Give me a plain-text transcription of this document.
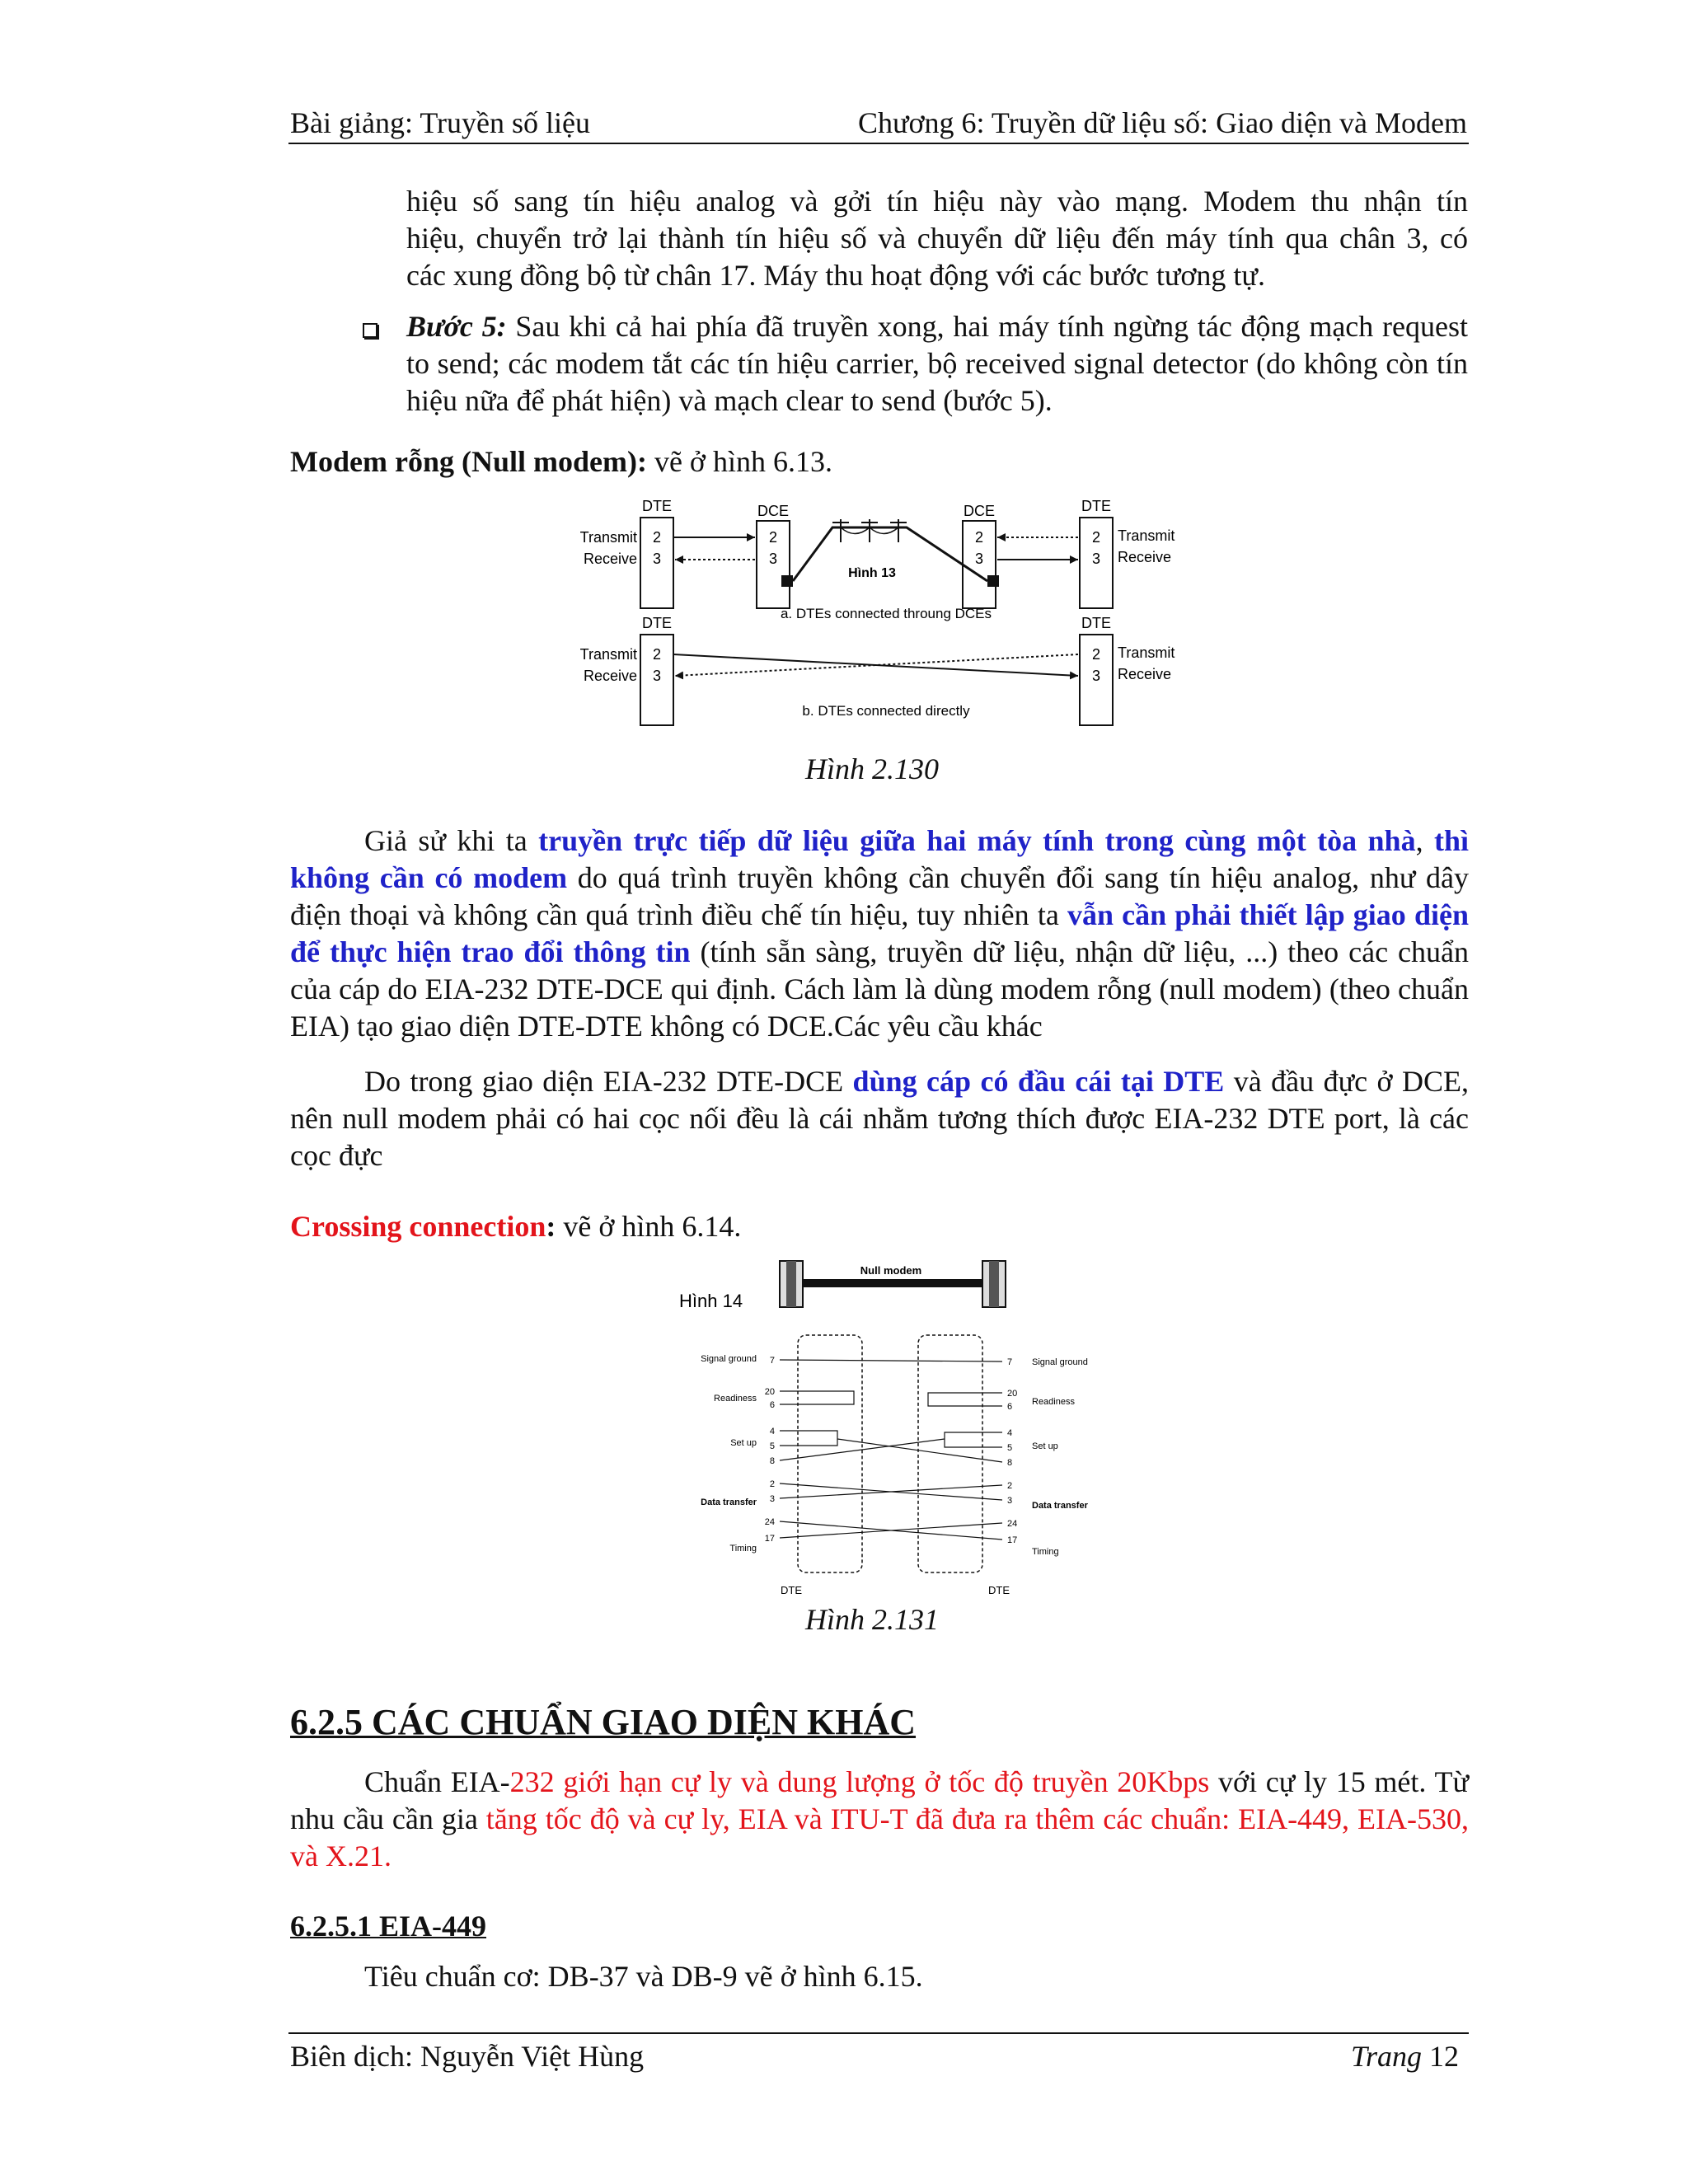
Bài giảng: Truyền số liệu	Chương 6: Truyền dữ liệu số: Giao diện và Modem
hiệu số sang tín hiệu analog và gởi tín hiệu này vào mạng. Modem thu nhận tín
hiệu, chuyển trở lại thành tín hiệu số và chuyển dữ liệu đến máy tính qua chân 3, có
các xung đồng bộ từ chân 17. Máy thu hoạt động với các bước tương tự.
Bước 5: Sau khi cả hai phía đã truyền xong, hai máy tính ngừng tác động mạch request to send; các modem tắt các tín hiệu carrier, bộ received signal detector (do không còn tín hiệu nữa để phát hiện) và mạch clear to send (bước 5).
Modem rỗng (Null modem): vẽ ở hình 6.13.
DTE	DCE	DCE	DTE
2
3
2
3
2
3
2
3
Transmit
Receive
Transmit
Receive
Hình 13
a. DTEs connected throung DCEs
DTE	DTE
2
3
2
3
Transmit
Receive
Transmit
Receive
b. DTEs connected directly
Hình 2.130
Giả sử khi ta truyền trực tiếp dữ liệu giữa hai máy tính trong cùng một tòa nhà, thì không cần có modem do quá trình truyền không cần chuyển đổi sang tín hiệu analog, như dây điện thoại và không cần quá trình điều chế tín hiệu, tuy nhiên ta vẫn cần phải thiết lập giao diện để thực hiện trao đổi thông tin (tính sẵn sàng, truyền dữ liệu, nhận dữ liệu, ...) theo các chuẩn của cáp do EIA-232 DTE-DCE qui định. Cách làm là dùng modem rỗng (null modem) (theo chuẩn EIA) tạo giao diện DTE-DTE không có DCE.Các yêu cầu khác
Do trong giao diện EIA-232 DTE-DCE dùng cáp có đầu cái tại DTE và đầu đực ở DCE, nên null modem phải có hai cọc nối đều là cái nhằm tương thích được EIA-232 DTE port, là các cọc đực
Crossing connection: vẽ ở hình 6.14.
Null modem
Hình 14
DTE	DTE
Signal ground
Readiness
Set up
Data transfer
Timing
Signal ground
Readiness
Set up
Data transfer
Timing
7
20
6
4
5
8
2
3
24
17
7
20
6
4
5
8
2
3
24
17
Hình 2.131
6.2.5 CÁC CHUẨN GIAO DIỆN KHÁC
Chuẩn EIA-232 giới hạn cự ly và dung lượng ở tốc độ truyền 20Kbps với cự ly 15 mét. Từ nhu cầu cần gia tăng tốc độ và cự ly, EIA và ITU-T đã đưa ra thêm các chuẩn: EIA-449, EIA-530, và X.21.
6.2.5.1 EIA-449
Tiêu chuẩn cơ: DB-37 và DB-9 vẽ ở hình 6.15.
Biên dịch: Nguyễn Việt Hùng	Trang 12
